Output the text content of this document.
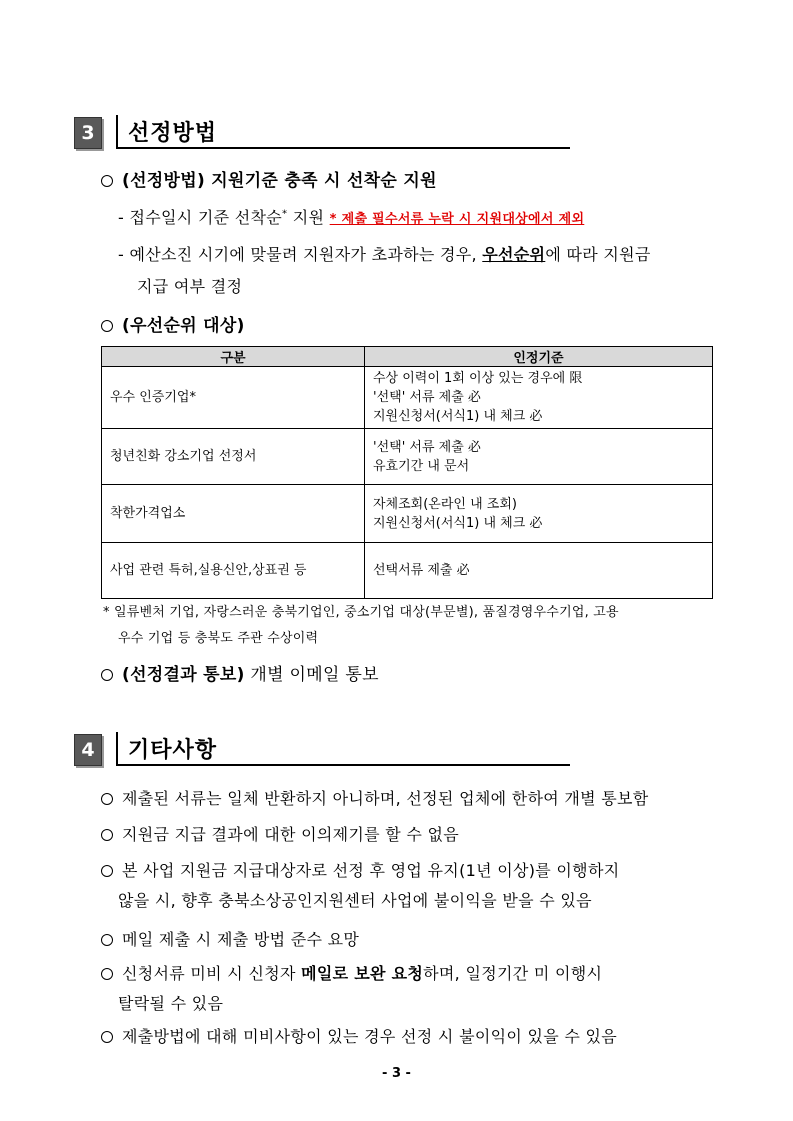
3	선정방법
(선정방법) 지원기준 충족 시 선착순 지원
- 접수일시 기준 선착순* 지원 * 제출 필수서류 누락 시 지원대상에서 제외
- 예산소진 시기에 맞물려 지원자가 초과하는 경우, 우선순위에 따라 지원금
지급 여부 결정
(우선순위 대상)
구분	인정기준
우수 인증기업*	수상 이력이 1회 이상 있는 경우에 限
'선택' 서류 제출 必
지원신청서(서식1) 내 체크 必

청년친화 강소기업 선정서	'선택' 서류 제출 必
유효기간 내 문서

착한가격업소	자체조회(온라인 내 조회)
지원신청서(서식1) 내 체크 必

사업 관련 특허,실용신안,상표권 등	선택서류 제출 必
* 일류벤처 기업, 자랑스러운 충북기업인, 중소기업 대상(부문별), 품질경영우수기업, 고용
우수 기업 등 충북도 주관 수상이력
(선정결과 통보) 개별 이메일 통보
4	기타사항
제출된 서류는 일체 반환하지 아니하며, 선정된 업체에 한하여 개별 통보함
지원금 지급 결과에 대한 이의제기를 할 수 없음
본 사업 지원금 지급대상자로 선정 후 영업 유지(1년 이상)를 이행하지
않을 시, 향후 충북소상공인지원센터 사업에 불이익을 받을 수 있음
메일 제출 시 제출 방법 준수 요망
신청서류 미비 시 신청자 메일로 보완 요청하며, 일정기간 미 이행시
탈락될 수 있음
제출방법에 대해 미비사항이 있는 경우 선정 시 불이익이 있을 수 있음
- 3 -
